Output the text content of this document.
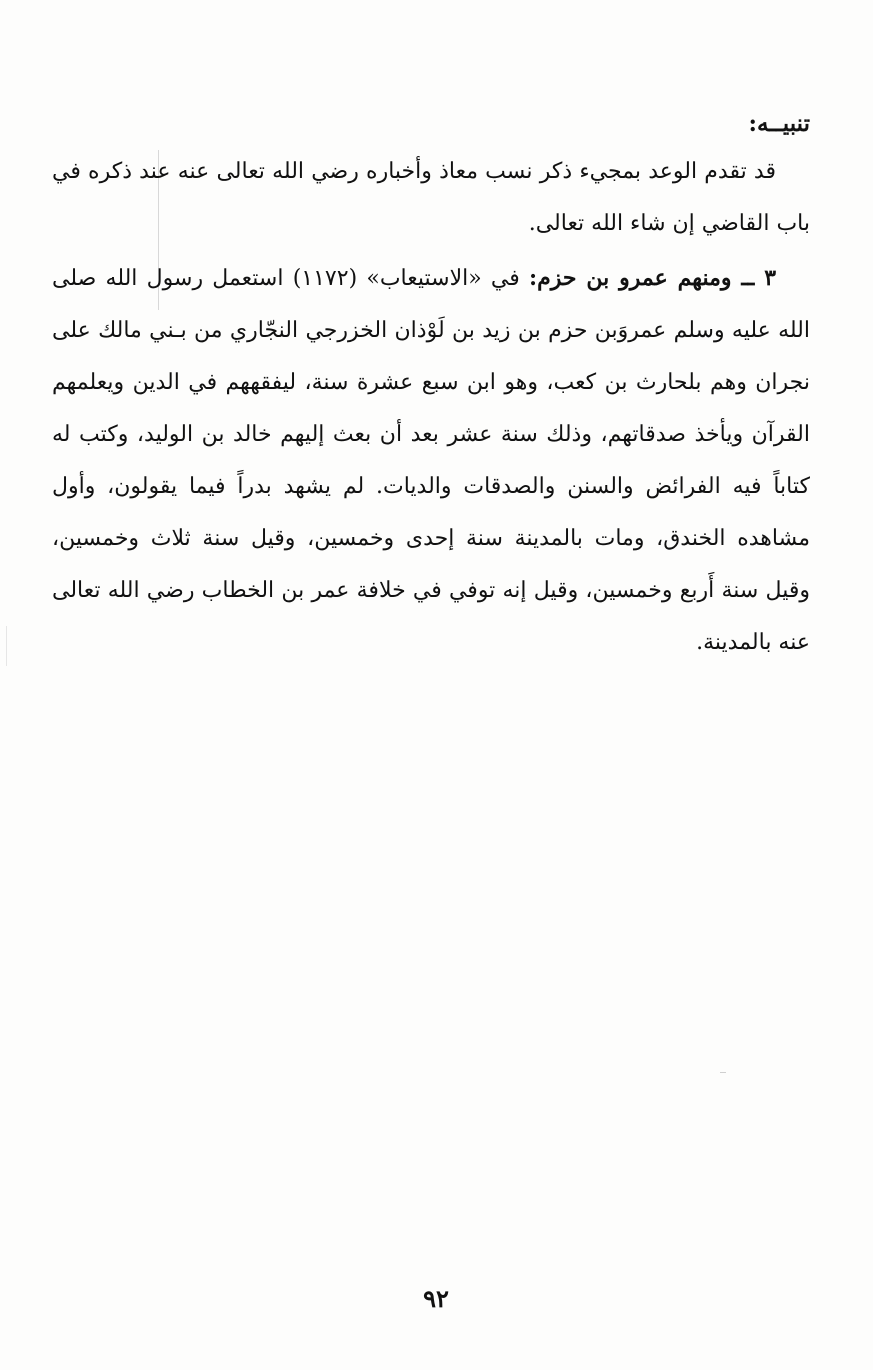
تنبيــه:
قد تقدم الوعد بمجيء ذكر نسب معاذ وأخباره رضي الله تعالى عنه عند ذكره في باب القاضي إن شاء الله تعالى.
٣ ــ ومنهم عمرو بن حزم: في «الاستيعاب» (١١٧٢) استعمل رسول الله صلى الله عليه وسلم عمروَبن حزم بن زيد بن لَوْذان الخزرجي النجّاري من بـني مالك على نجران وهم بلحارث بن كعب، وهو ابن سبع عشرة سنة، ليفقههم في الدين ويعلمهم القرآن ويأخذ صدقاتهم، وذلك سنة عشر بعد أن بعث إليهم خالد بن الوليد، وكتب له كتاباً فيه الفرائض والسنن والصدقات والديات. لم يشهد بدراً فيما يقولون، وأول مشاهده الخندق، ومات بالمدينة سنة إحدى وخمسين، وقيل سنة ثلاث وخمسين، وقيل سنة أَربع وخمسين، وقيل إنه توفي في خلافة عمر بن الخطاب رضي الله تعالى عنه بالمدينة.
٩٢
